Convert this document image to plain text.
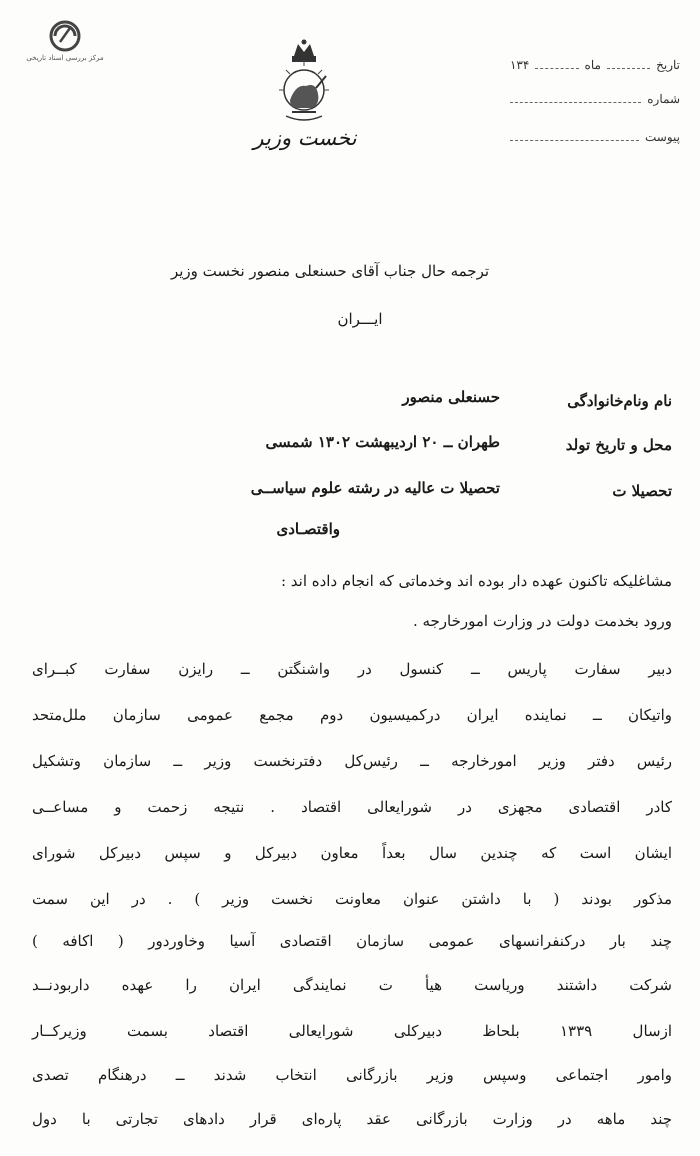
مرکز بررسی اسناد تاریخی
نخست وزیر
تاریخ
ماه
۱۳۴
شماره
پیوست
ترجمه حال جناب آقای حسنعلی منصور نخست وزیر
ایـــران
نام ونام‌خانوادگی
حسنعلی منصور
محل و تاریخ تولد
طهران ــ ۲۰ اردیبهشت ۱۳۰۲ شمسی
تحصیلا ت
تحصیلا ت عالیه در رشته علوم سیاســی
واقتصـادی
مشاغلیکه تاکنون عهده دار بوده اند وخدماتی که انجام داده اند :
ورود بخدمت دولت در وزارت امورخارجه .
دبیر سفارت پاریس ــ کنسول در واشنگتن ــ رایزن سفارت کبــرای
واتیکان ــ نماینده ایران درکمیسیون دوم مجمع عمومی سازمان ملل‌متحد
رئیس دفتر وزیر امورخارجه ــ رئیس‌کل دفترنخست وزیر ــ سازمان وتشکیل
کادر اقتصادی مجهزی در شورایعالی اقتصاد . نتیجه زحمت و مساعــی
ایشان است که چندین سال بعداً معاون دبیرکل و سپس دبیرکل شورای
مذکور بودند ( با داشتن عنوان معاونت نخست وزیر ) . در این سمت
چند بار درکنفرانسهای عمومی سازمان اقتصادی آسیا وخاوردور ( اکافه )
شرکت داشتند وریاست هیأ ت نمایندگی ایران را عهده داربودنــد
ازسال ۱۳۳۹ بلحاظ دبیرکلی شورایعالی اقتصاد بسمت وزیرکــار
وامور اجتماعی وسپس وزیر بازرگانی انتخاب شدند ــ درهنگام تصدی
چند ماهه در وزارت بازرگانی عقد پاره‌ای قرار دادهای تجارتی با دول
